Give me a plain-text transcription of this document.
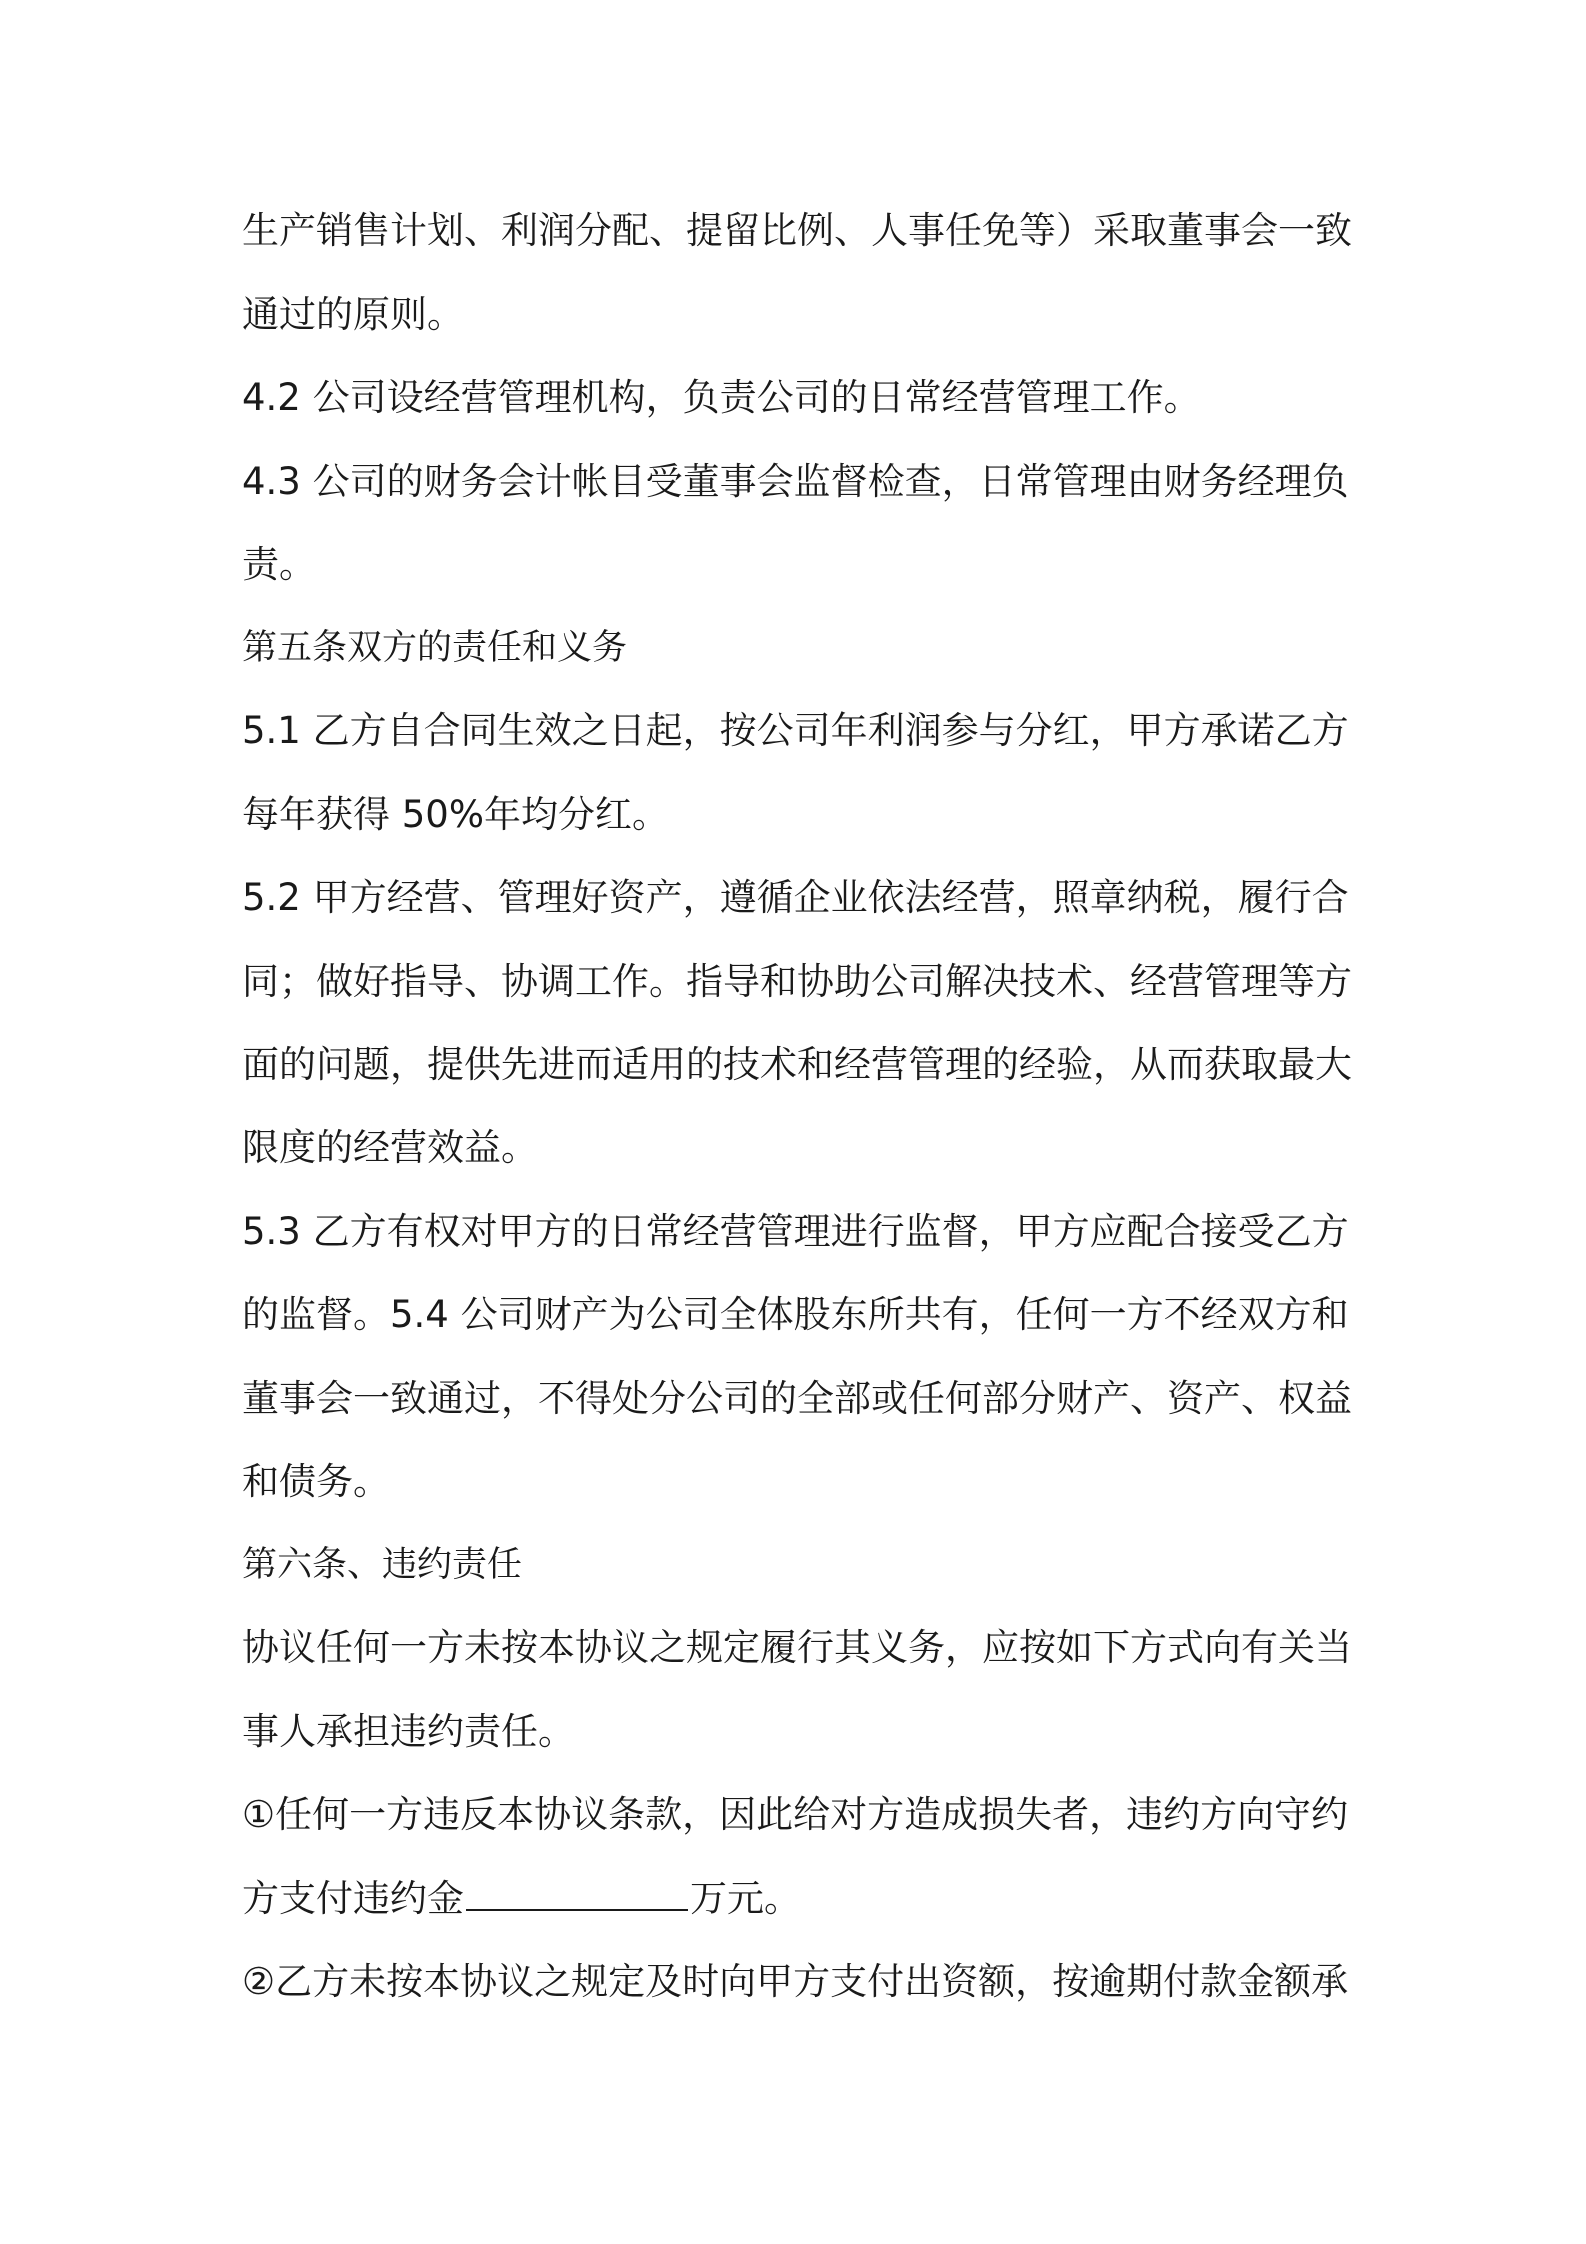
生产销售计划、利润分配、提留比例、人事任免等）采取董事会一致
通过的原则。
4.2 公司设经营管理机构，负责公司的日常经营管理工作。
4.3 公司的财务会计帐目受董事会监督检查，日常管理由财务经理负
责。
第五条双方的责任和义务
5.1 乙方自合同生效之日起，按公司年利润参与分红，甲方承诺乙方
每年获得 50%年均分红。
5.2 甲方经营、管理好资产，遵循企业依法经营，照章纳税，履行合
同；做好指导、协调工作。指导和协助公司解决技术、经营管理等方
面的问题，提供先进而适用的技术和经营管理的经验，从而获取最大
限度的经营效益。
5.3 乙方有权对甲方的日常经营管理进行监督，甲方应配合接受乙方
的监督。5.4 公司财产为公司全体股东所共有，任何一方不经双方和
董事会一致通过，不得处分公司的全部或任何部分财产、资产、权益
和债务。
第六条、违约责任
协议任何一方未按本协议之规定履行其义务，应按如下方式向有关当
事人承担违约责任。
①任何一方违反本协议条款，因此给对方造成损失者，违约方向守约
方支付违约金	万元。
②乙方未按本协议之规定及时向甲方支付出资额，按逾期付款金额承
